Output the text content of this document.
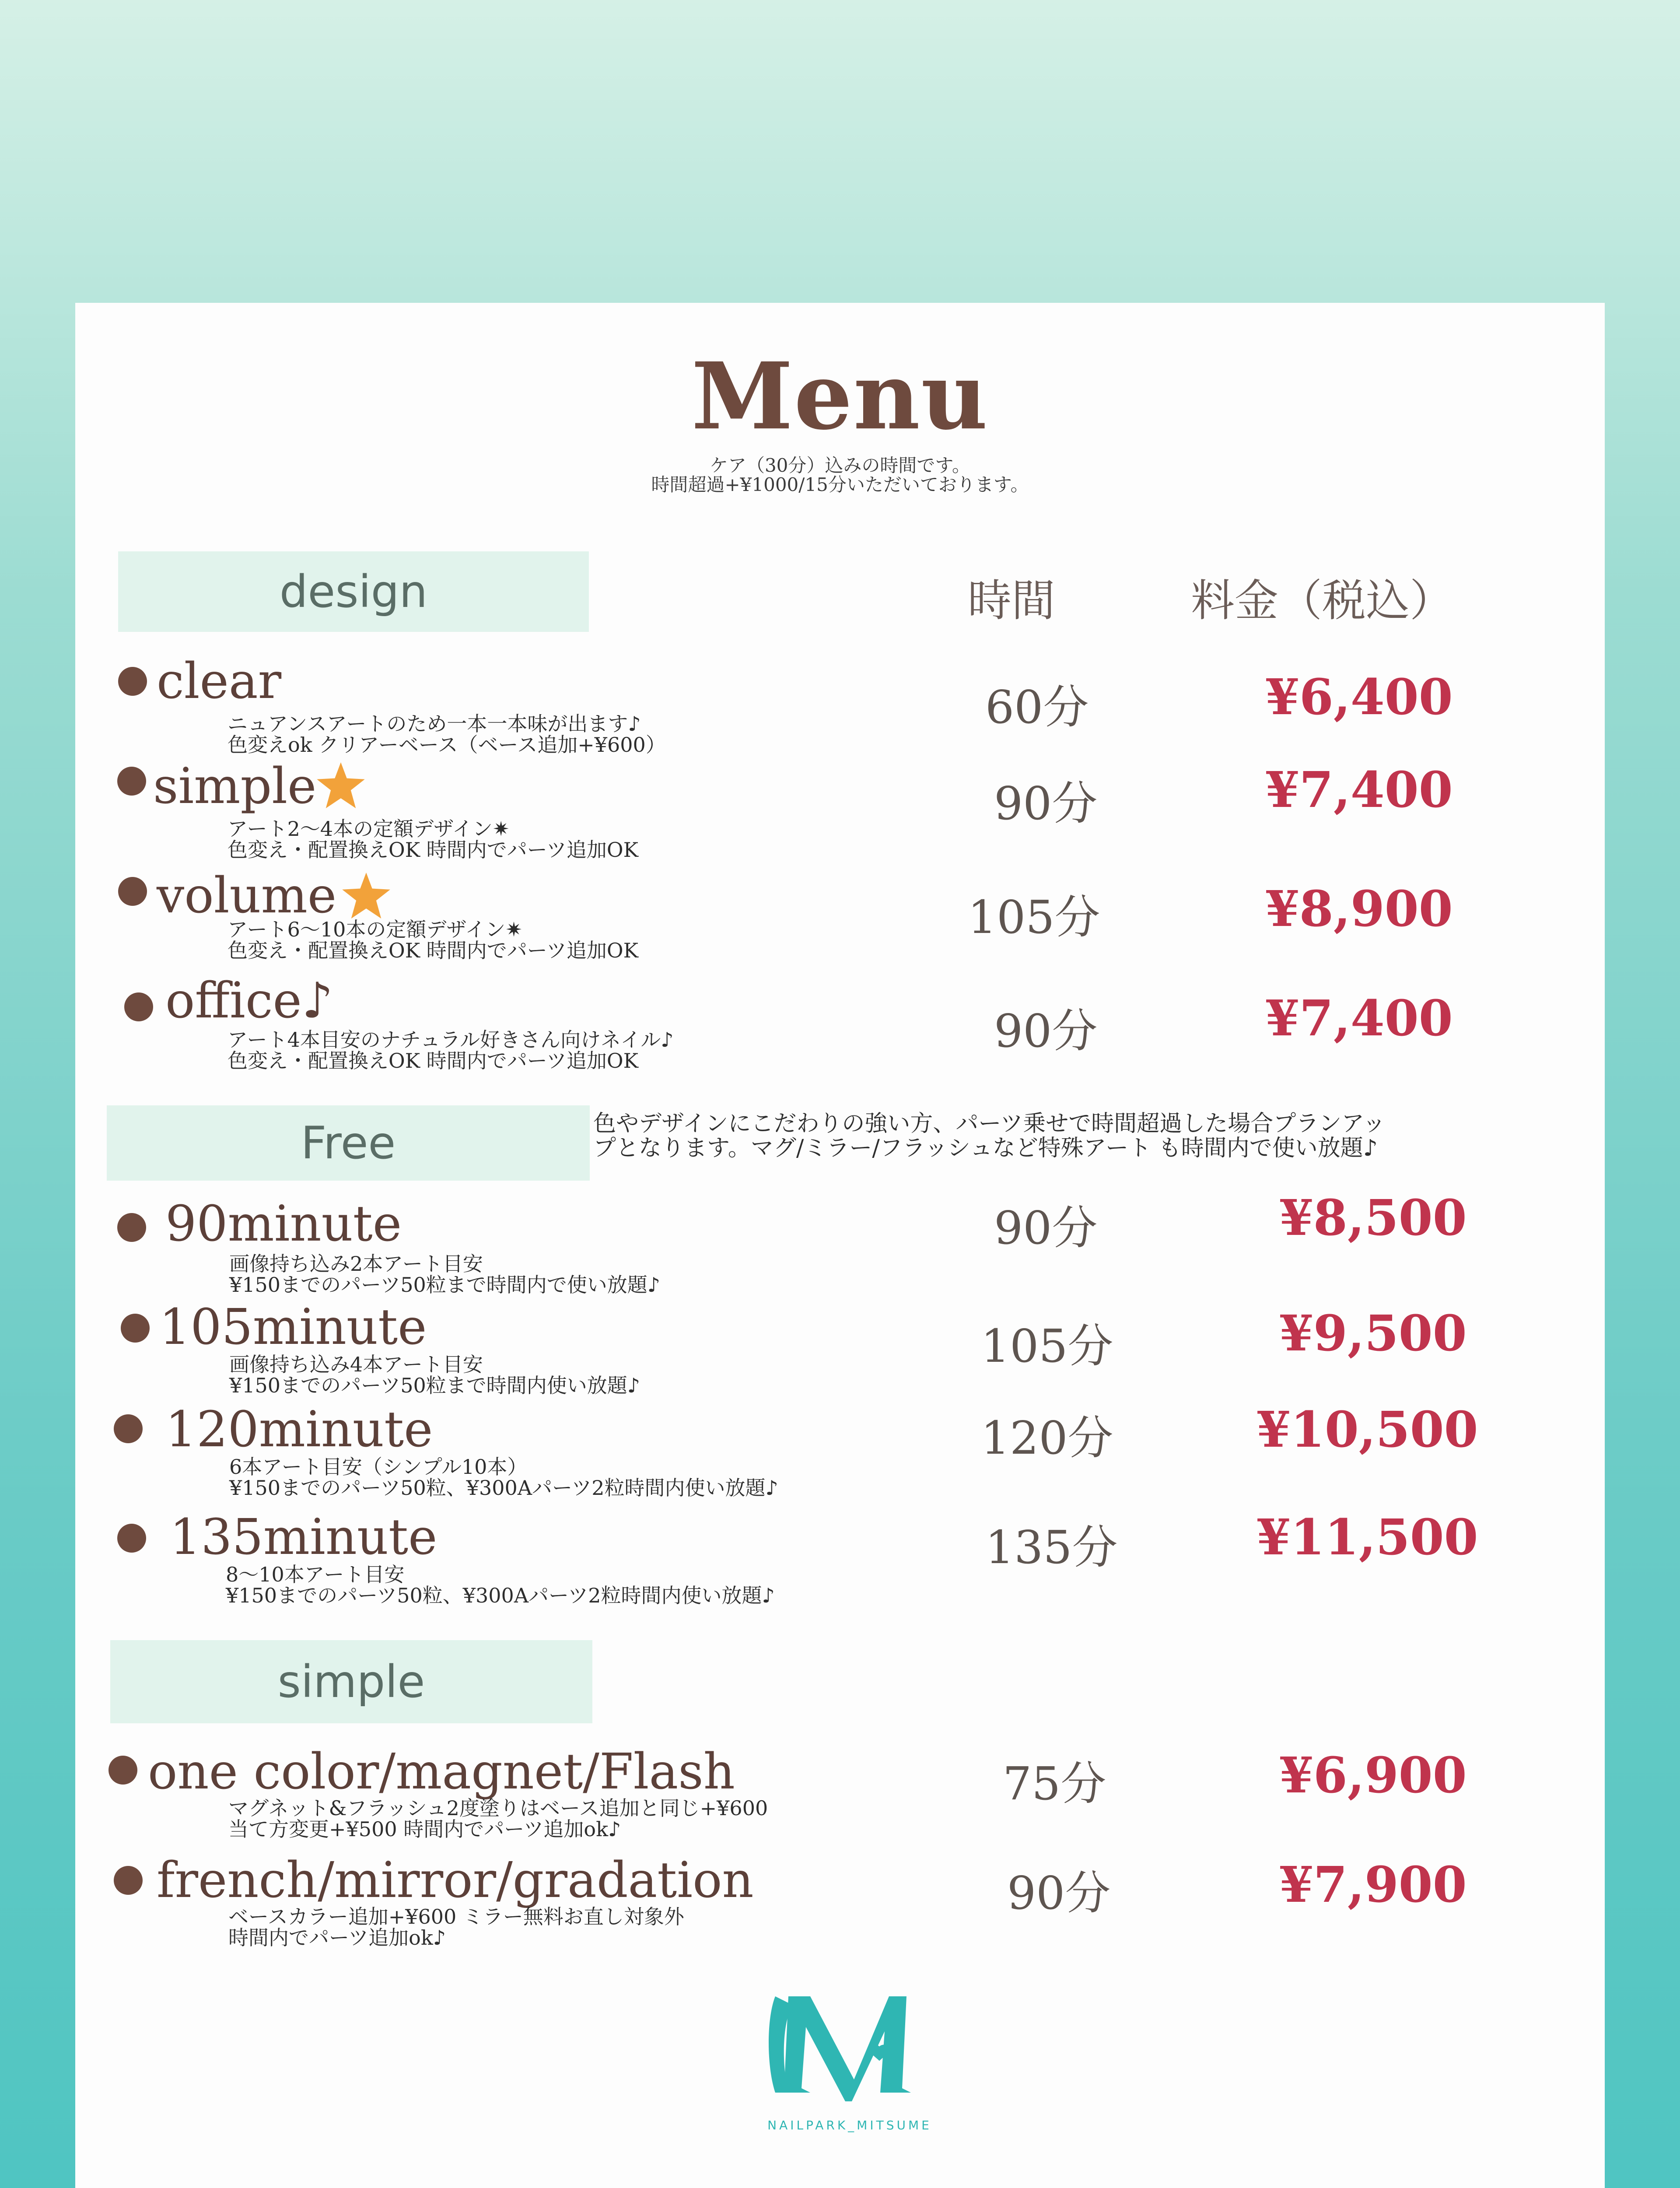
Menu
ケア（30分）込みの時間です。
時間超過+¥1000/15分いただいております。
design	時間	料金（税込）
clear
ニュアンスアートのため一本一本味が出ます♪
色変えok クリアーベース（ベース追加+¥600）
60分	¥6,400
simple
アート2〜4本の定額デザイン✷
色変え・配置換えOK 時間内でパーツ追加OK
90分	¥7,400
volume
アート6〜10本の定額デザイン✷
色変え・配置換えOK 時間内でパーツ追加OK
105分	¥8,900
office♪
アート4本目安のナチュラル好きさん向けネイル♪
色変え・配置換えOK 時間内でパーツ追加OK
90分	¥7,400
Free	色やデザインにこだわりの強い方、パーツ乗せで時間超過した場合プランアッ
プとなります。マグ/ミラー/フラッシュなど特殊アート も時間内で使い放題♪
90minute
画像持ち込み2本アート目安
¥150までのパーツ50粒まで時間内で使い放題♪
90分	¥8,500
105minute
画像持ち込み4本アート目安
¥150までのパーツ50粒まで時間内使い放題♪
105分	¥9,500
120minute
6本アート目安（シンプル10本）
¥150までのパーツ50粒、¥300Aパーツ2粒時間内使い放題♪
120分	¥10,500
135minute
8〜10本アート目安
¥150までのパーツ50粒、¥300Aパーツ2粒時間内使い放題♪
135分	¥11,500
simple
one color/magnet/Flash
マグネット&フラッシュ2度塗りはベース追加と同じ+¥600
当て方変更+¥500 時間内でパーツ追加ok♪
75分	¥6,900
french/mirror/gradation
ベースカラー追加+¥600 ミラー無料お直し対象外
時間内でパーツ追加ok♪
90分	¥7,900
NAILPARK_MITSUME
